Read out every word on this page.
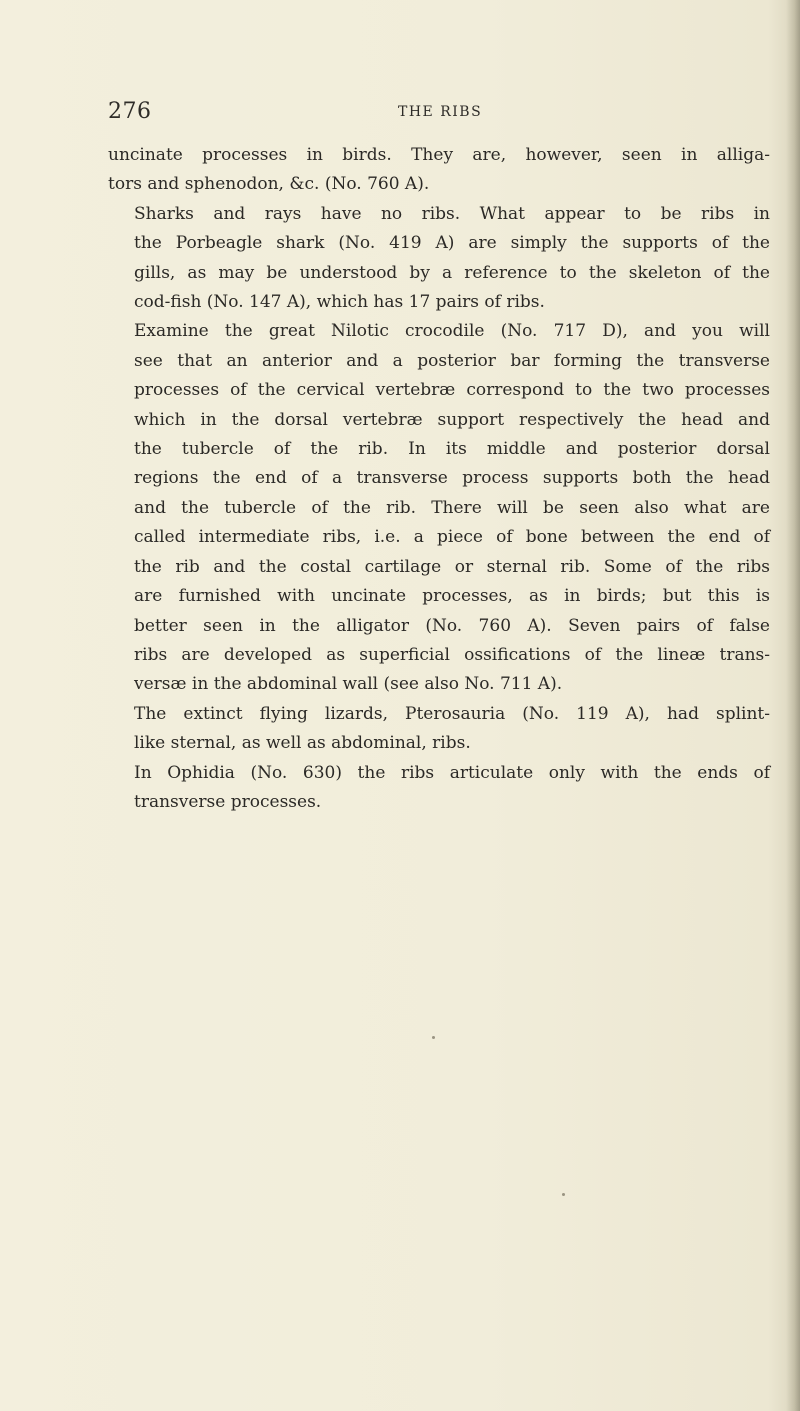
276	THE RIBS

uncinate processes in birds. They are, however, seen in alliga-
tors and sphenodon, &c. (No. 760 A).

Sharks and rays have no ribs. What appear to be ribs in
the Porbeagle shark (No. 419 A) are simply the supports of the
gills, as may be understood by a reference to the skeleton of the
cod-fish (No. 147 A), which has 17 pairs of ribs.

Examine the great Nilotic crocodile (No. 717 D), and you will
see that an anterior and a posterior bar forming the transverse
processes of the cervical vertebræ correspond to the two processes
which in the dorsal vertebræ support respectively the head and
the tubercle of the rib. In its middle and posterior dorsal
regions the end of a transverse process supports both the head
and the tubercle of the rib. There will be seen also what are
called intermediate ribs, i.e. a piece of bone between the end of
the rib and the costal cartilage or sternal rib. Some of the ribs
are furnished with uncinate processes, as in birds; but this is
better seen in the alligator (No. 760 A). Seven pairs of false
ribs are developed as superficial ossifications of the lineæ trans-
versæ in the abdominal wall (see also No. 711 A).

The extinct flying lizards, Pterosauria (No. 119 A), had splint-
like sternal, as well as abdominal, ribs.

In Ophidia (No. 630) the ribs articulate only with the ends of
transverse processes.
